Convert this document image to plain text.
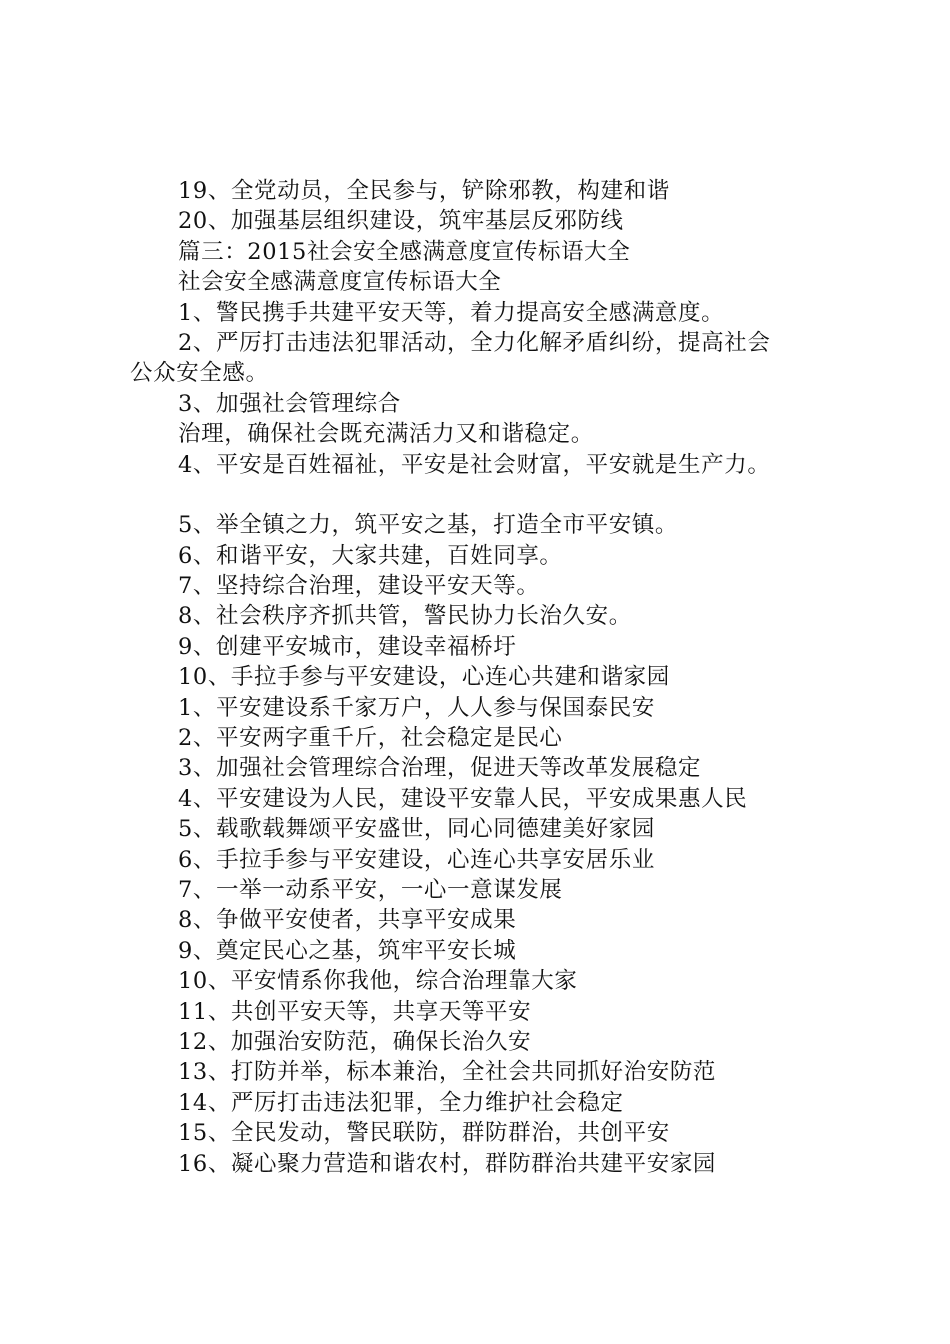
19、全党动员，全民参与，铲除邪教，构建和谐
20、加强基层组织建设，筑牢基层反邪防线
篇三：2015社会安全感满意度宣传标语大全
社会安全感满意度宣传标语大全
1、警民携手共建平安天等，着力提高安全感满意度。
2、严厉打击违法犯罪活动，全力化解矛盾纠纷，提高社会
公众安全感。
3、加强社会管理综合
治理，确保社会既充满活力又和谐稳定。
4、平安是百姓福祉，平安是社会财富，平安就是生产力。
5、举全镇之力，筑平安之基，打造全市平安镇。
6、和谐平安，大家共建，百姓同享。
7、坚持综合治理，建设平安天等。
8、社会秩序齐抓共管，警民协力长治久安。
9、创建平安城市，建设幸福桥圩
10、手拉手参与平安建设，心连心共建和谐家园
1、平安建设系千家万户，人人参与保国泰民安
2、平安两字重千斤，社会稳定是民心
3、加强社会管理综合治理，促进天等改革发展稳定
4、平安建设为人民，建设平安靠人民，平安成果惠人民
5、载歌载舞颂平安盛世，同心同德建美好家园
6、手拉手参与平安建设，心连心共享安居乐业
7、一举一动系平安，一心一意谋发展
8、争做平安使者，共享平安成果
9、奠定民心之基，筑牢平安长城
10、平安情系你我他，综合治理靠大家
11、共创平安天等，共享天等平安
12、加强治安防范，确保长治久安
13、打防并举，标本兼治，全社会共同抓好治安防范
14、严厉打击违法犯罪，全力维护社会稳定
15、全民发动，警民联防，群防群治，共创平安
16、凝心聚力营造和谐农村，群防群治共建平安家园
